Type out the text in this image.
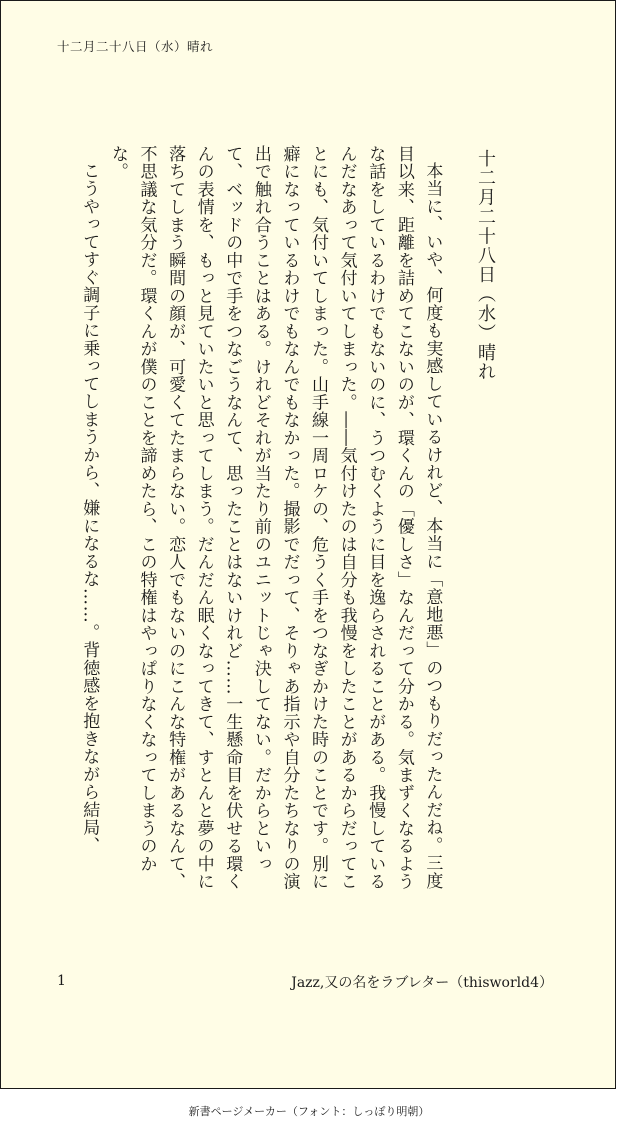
十二月二十八日（水）晴れ
十二月二十八日（水）晴れ

本当に、いや、何度も実感しているけれど、本当に「意地悪」のつもりだったんだね。三度目以来、距離を詰めてこないのが、環くんの「優しさ」なんだって分かる。気まずくなるような話をしているわけでもないのに、うつむくように目を逸らされることがある。我慢しているんだなあって気付いてしまった。――気付けたのは自分も我慢をしたことがあるからだってことにも、気付いてしまった。山手線一周ロケの、危うく手をつなぎかけた時のことです。別に癖になっているわけでもなんでもなかった。撮影でだって、そりゃあ指示や自分たちなりの演出で触れ合うことはある。けれどそれが当たり前のユニットじゃ決してない。だからといって、ベッドの中で手をつなごうなんて、思ったことはないけれど……一生懸命目を伏せる環くんの表情を、もっと見ていたいと思ってしまう。だんだん眠くなってきて、すとんと夢の中に落ちてしまう瞬間の顔が、可愛くてたまらない。恋人でもないのにこんな特権があるなんて、不思議な気分だ。環くんが僕のことを諦めたら、この特権はやっぱりなくなってしまうのかな。

こうやってすぐ調子に乗ってしまうから、嫌になるな……。背徳感を抱きながら結局、

1	Jazz,又の名をラブレター（thisworld4）
新書ページメーカー（フォント：しっぽり明朝）
